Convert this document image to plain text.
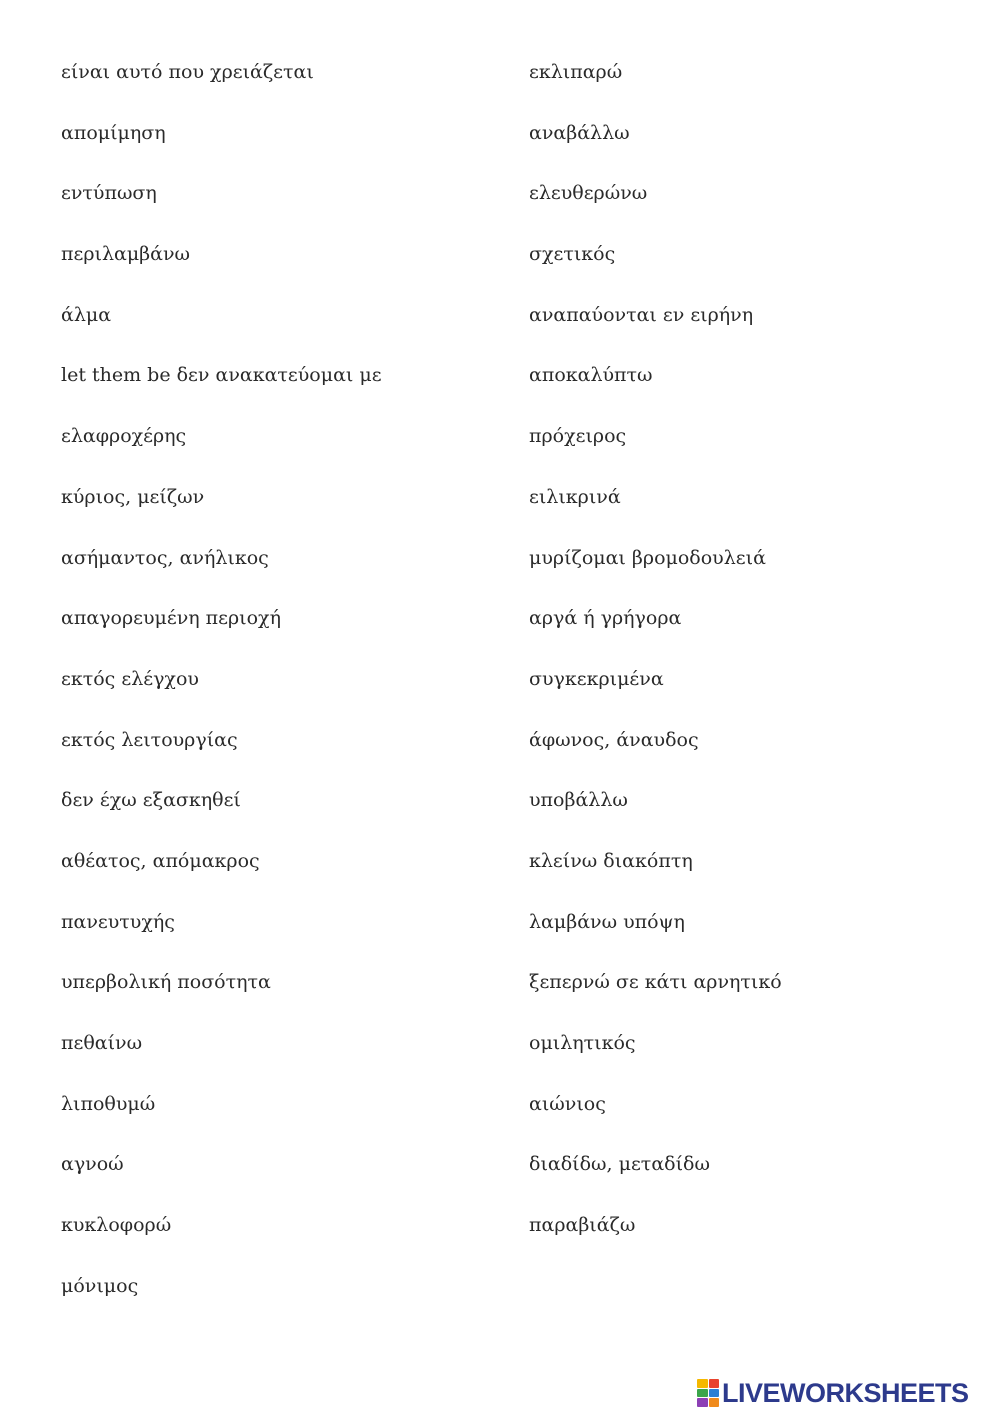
είναι αυτό που χρειάζεται
απομίμηση
εντύπωση
περιλαμβάνω
άλμα
let them be δεν ανακατεύομαι με
ελαφροχέρης
κύριος, μείζων
ασήμαντος, ανήλικος
απαγορευμένη περιοχή
εκτός ελέγχου
εκτός λειτουργίας
δεν έχω εξασκηθεί
αθέατος, απόμακρος
πανευτυχής
υπερβολική ποσότητα
πεθαίνω
λιποθυμώ
αγνοώ
κυκλοφορώ
μόνιμος
εκλιπαρώ
αναβάλλω
ελευθερώνω
σχετικός
αναπαύονται εν ειρήνη
αποκαλύπτω
πρόχειρος
ειλικρινά
μυρίζομαι βρομοδουλειά
αργά ή γρήγορα
συγκεκριμένα
άφωνος, άναυδος
υποβάλλω
κλείνω διακόπτη
λαμβάνω υπόψη
ξεπερνώ σε κάτι αρνητικό
ομιλητικός
αιώνιος
διαδίδω, μεταδίδω
παραβιάζω
LIVEWORKSHEETS
